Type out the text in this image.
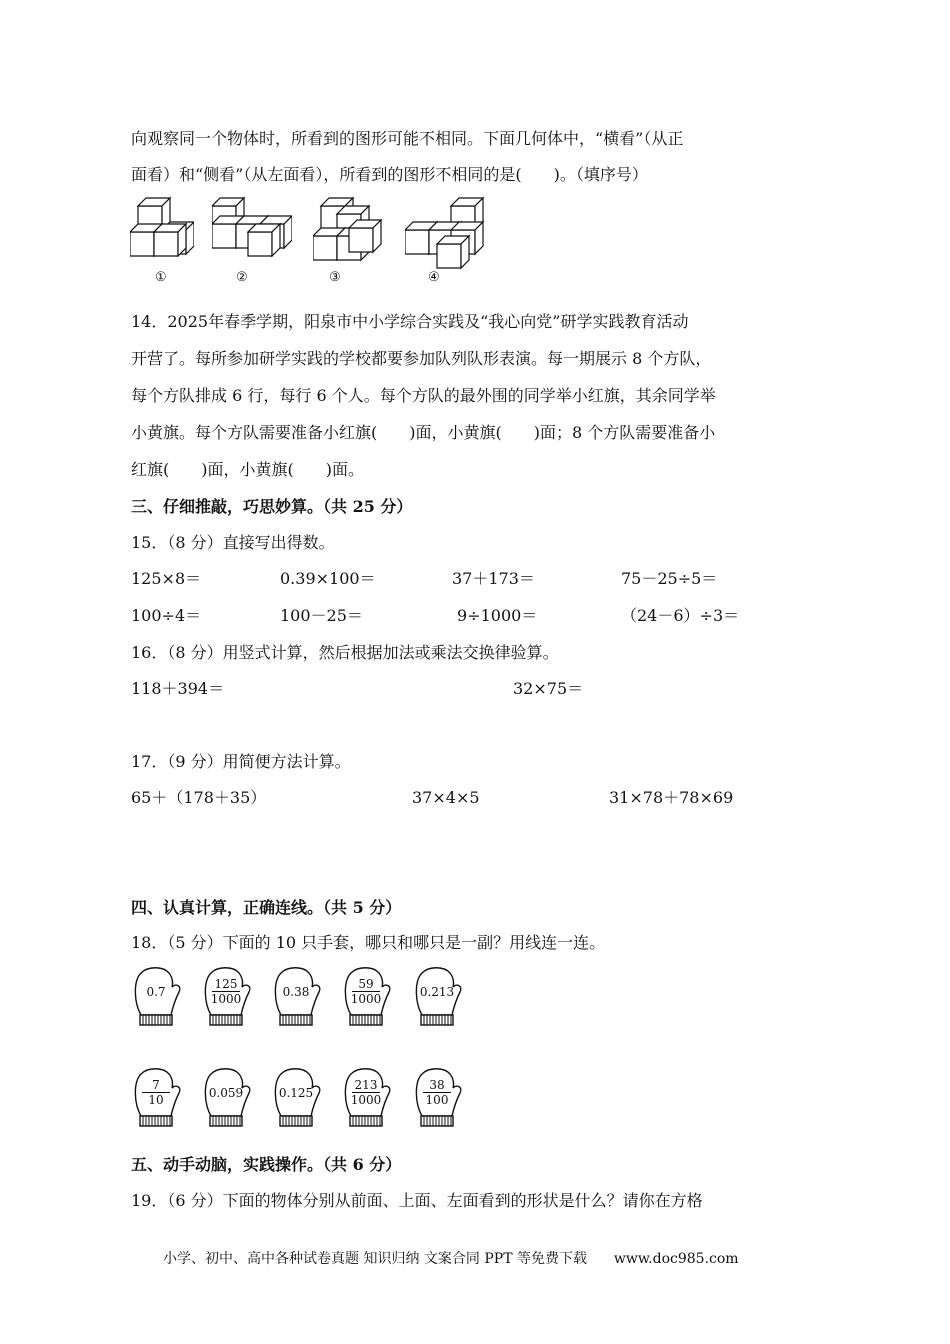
向观察同一个物体时，所看到的图形可能不相同。下面几何体中，“横看”（从正
面看）和“侧看”（从左面看），所看到的图形不相同的是(　　)。（填序号）
①	②	③	④
14．2025年春季学期，阳泉市中小学综合实践及“我心向党”研学实践教育活动
开营了。每所参加研学实践的学校都要参加队列队形表演。每一期展示 8 个方队，
每个方队排成 6 行，每行 6 个人。每个方队的最外围的同学举小红旗，其余同学举
小黄旗。每个方队需要准备小红旗(　　)面，小黄旗(　　)面；8 个方队需要准备小
红旗(　　)面，小黄旗(　　)面。
三、仔细推敲，巧思妙算。（共 25 分）
15．（8 分）直接写出得数。
125×8＝	0.39×100＝	37＋173＝	75－25÷5＝
100÷4＝	100－25＝	9÷1000＝	（24－6）÷3＝
16．（8 分）用竖式计算，然后根据加法或乘法交换律验算。
118＋394＝	32×75＝
17．（9 分）用简便方法计算。
65＋（178＋35）	37×4×5	31×78＋78×69
四、认真计算，正确连线。（共 5 分）
18．（5 分）下面的 10 只手套，哪只和哪只是一副？用线连一连。
0.7
125
1000	0.38
59
1000	0.213
7
10	0.059	0.125
213
1000
38
100
五、动手动脑，实践操作。（共 6 分）
19．（6 分）下面的物体分别从前面、上面、左面看到的形状是什么？请你在方格
小学、初中、高中各种试卷真题 知识归纳 文案合同 PPT 等免费下载 www.doc985.com
